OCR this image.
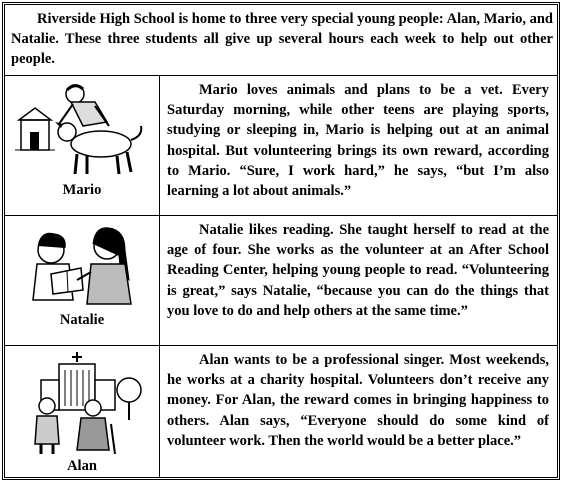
Riverside High School is home to three very special young people: Alan, Mario, and Natalie. These three students all give up several hours each week to help out other people.
Mario
Mario loves animals and plans to be a vet. Every Saturday morning, while other teens are playing sports, studying or sleeping in, Mario is helping out at an animal hospital. But volunteering brings its own reward, according to Mario. “Sure, I work hard,” he says, “but I’m also learning a lot about animals.”
Natalie
Natalie likes reading. She taught herself to read at the age of four. She works as the volunteer at an After School Reading Center, helping young people to read. “Volunteering is great,” says Natalie, “because you can do the things that you love to do and help others at the same time.”
Alan
Alan wants to be a professional singer. Most weekends, he works at a charity hospital. Volunteers don’t receive any money. For Alan, the reward comes in bringing happiness to others. Alan says, “Everyone should do some kind of volunteer work. Then the world would be a better place.”
